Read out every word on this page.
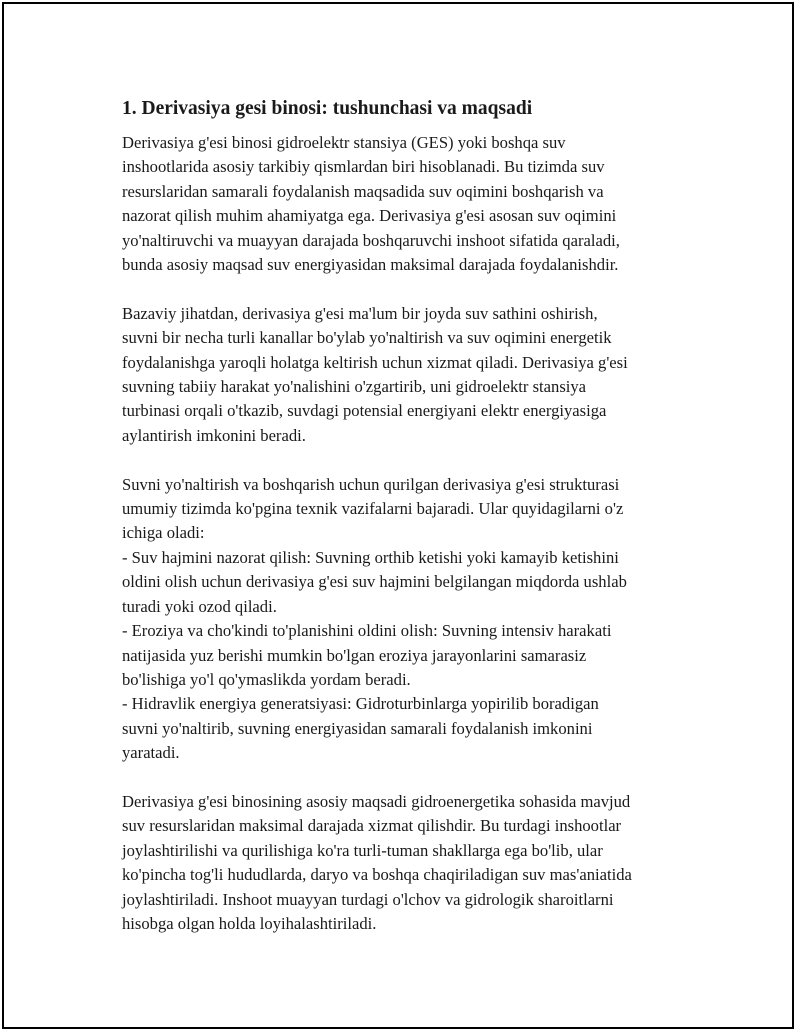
1. Derivasiya gesi binosi: tushunchasi va maqsadi
Derivasiya g'esi binosi gidroelektr stansiya (GES) yoki boshqa suv
inshootlarida asosiy tarkibiy qismlardan biri hisoblanadi. Bu tizimda suv
resurslaridan samarali foydalanish maqsadida suv oqimini boshqarish va
nazorat qilish muhim ahamiyatga ega. Derivasiya g'esi asosan suv oqimini
yo'naltiruvchi va muayyan darajada boshqaruvchi inshoot sifatida qaraladi,
bunda asosiy maqsad suv energiyasidan maksimal darajada foydalanishdir.
Bazaviy jihatdan, derivasiya g'esi ma'lum bir joyda suv sathini oshirish,
suvni bir necha turli kanallar bo'ylab yo'naltirish va suv oqimini energetik
foydalanishga yaroqli holatga keltirish uchun xizmat qiladi. Derivasiya g'esi
suvning tabiiy harakat yo'nalishini o'zgartirib, uni gidroelektr stansiya
turbinasi orqali o'tkazib, suvdagi potensial energiyani elektr energiyasiga
aylantirish imkonini beradi.
Suvni yo'naltirish va boshqarish uchun qurilgan derivasiya g'esi strukturasi
umumiy tizimda ko'pgina texnik vazifalarni bajaradi. Ular quyidagilarni o'z
ichiga oladi:
- Suv hajmini nazorat qilish: Suvning orthib ketishi yoki kamayib ketishini
oldini olish uchun derivasiya g'esi suv hajmini belgilangan miqdorda ushlab
turadi yoki ozod qiladi.
- Eroziya va cho'kindi to'planishini oldini olish: Suvning intensiv harakati
natijasida yuz berishi mumkin bo'lgan eroziya jarayonlarini samarasiz
bo'lishiga yo'l qo'ymaslikda yordam beradi.
- Hidravlik energiya generatsiyasi: Gidroturbinlarga yopirilib boradigan
suvni yo'naltirib, suvning energiyasidan samarali foydalanish imkonini
yaratadi.
Derivasiya g'esi binosining asosiy maqsadi gidroenergetika sohasida mavjud
suv resurslaridan maksimal darajada xizmat qilishdir. Bu turdagi inshootlar
joylashtirilishi va qurilishiga ko'ra turli-tuman shakllarga ega bo'lib, ular
ko'pincha tog'li hududlarda, daryo va boshqa chaqiriladigan suv mas'aniatida
joylashtiriladi. Inshoot muayyan turdagi o'lchov va gidrologik sharoitlarni
hisobga olgan holda loyihalashtiriladi.
